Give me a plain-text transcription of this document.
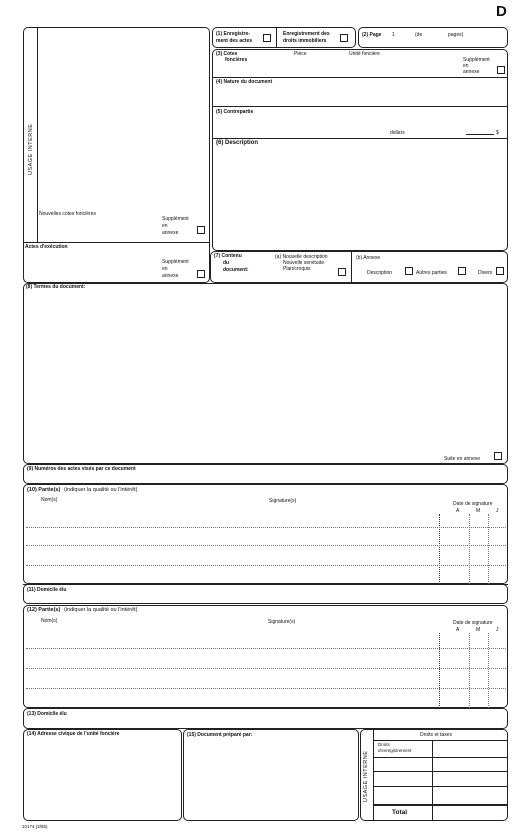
D
USAGE INTERNE
Nouvelles cotes foncières
Supplément
en
annexe
Actes d'exécution
Supplément
en
annexe
(1) Enregistre-
ment des actes
Enregistrement des
droits immobiliers
(2) Page 1	(de	pages)
(3) Cotes
foncières
Pièce	Unité foncière
Supplément
en
annexe
(4) Nature du document
(5) Contrepartie
dollars	$
(6) Description
(7) Contenu
du
document:
(a) Nouvelle description
Nouvelle servitude
Plan/croquis
(b) Annexe
Description	Autres parties	Divers
(8) Termes du document:
Suite en annexe
(9) Numéros des actes visés par ce document
(10) Partie(s) (indiquer la qualité ou l'intérêt)
Nom(s)	Signature(s)	Date de signature
A	M	J
(11) Domicile élu
(12) Partie(s) (indiquer la qualité ou l'intérêt)
Nom(s)	Signature(s)	Date de signature
A	M	J
(13) Domicile élu
(14) Adresse civique de l'unité foncière	(15) Document préparé par:
USAGE INTERNE
Droits et taxes
Droits
d'enregistrement
Total
10174 (2/85)
